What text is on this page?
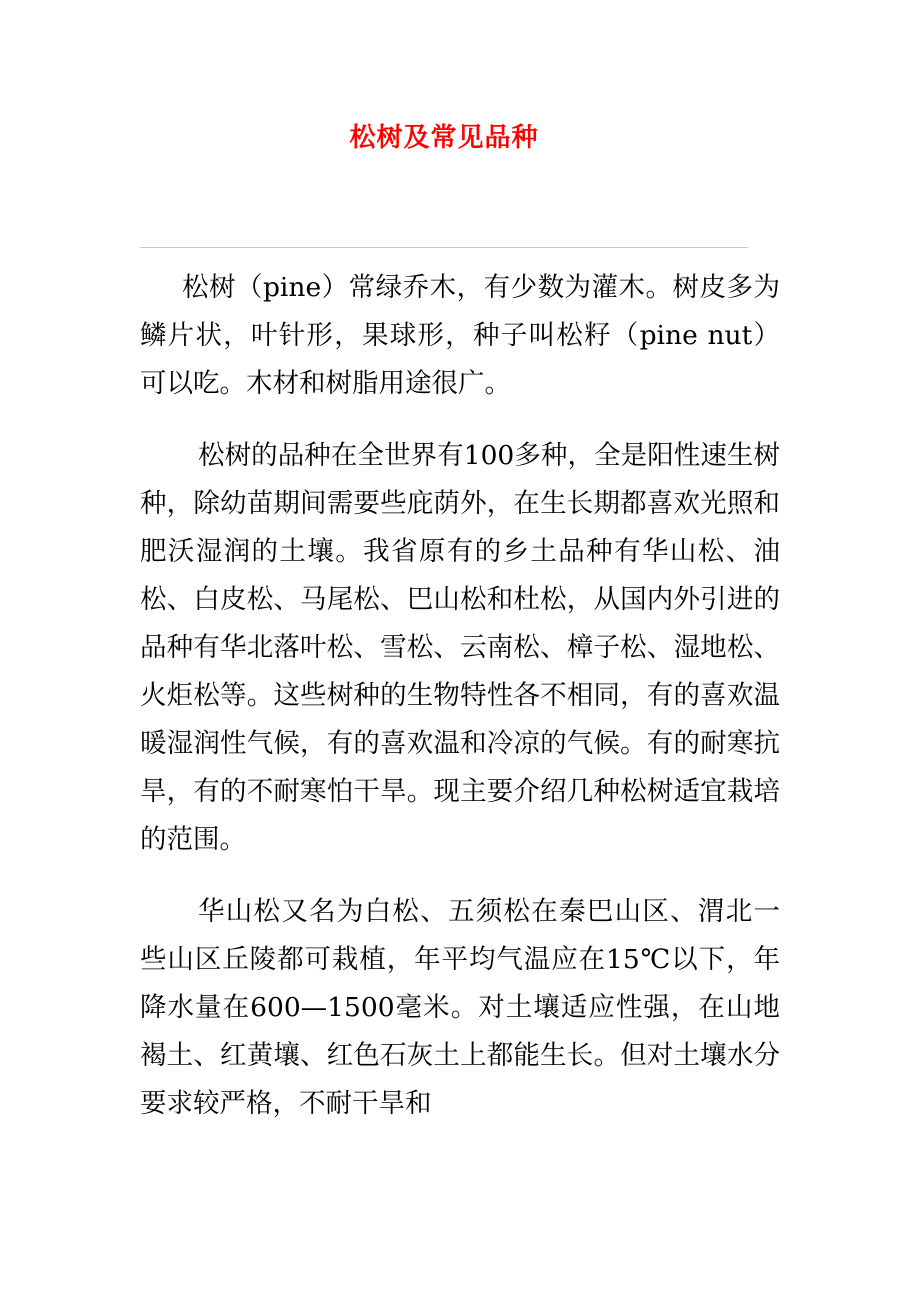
松树及常见品种

松树（pine）常绿乔木，有少数为灌木。树皮多为鳞片状，叶针形，果球形，种子叫松籽（pine nut）可以吃。木材和树脂用途很广。

松树的品种在全世界有100多种，全是阳性速生树种，除幼苗期间需要些庇荫外，在生长期都喜欢光照和肥沃湿润的土壤。我省原有的乡土品种有华山松、油松、白皮松、马尾松、巴山松和杜松，从国内外引进的品种有华北落叶松、雪松、云南松、樟子松、湿地松、火炬松等。这些树种的生物特性各不相同，有的喜欢温暖湿润性气候，有的喜欢温和冷凉的气候。有的耐寒抗旱，有的不耐寒怕干旱。现主要介绍几种松树适宜栽培的范围。

华山松又名为白松、五须松在秦巴山区、渭北一些山区丘陵都可栽植，年平均气温应在15℃以下，年降水量在600—1500毫米。对土壤适应性强，在山地褐土、红黄壤、红色石灰土上都能生长。但对土壤水分要求较严格，不耐干旱和
